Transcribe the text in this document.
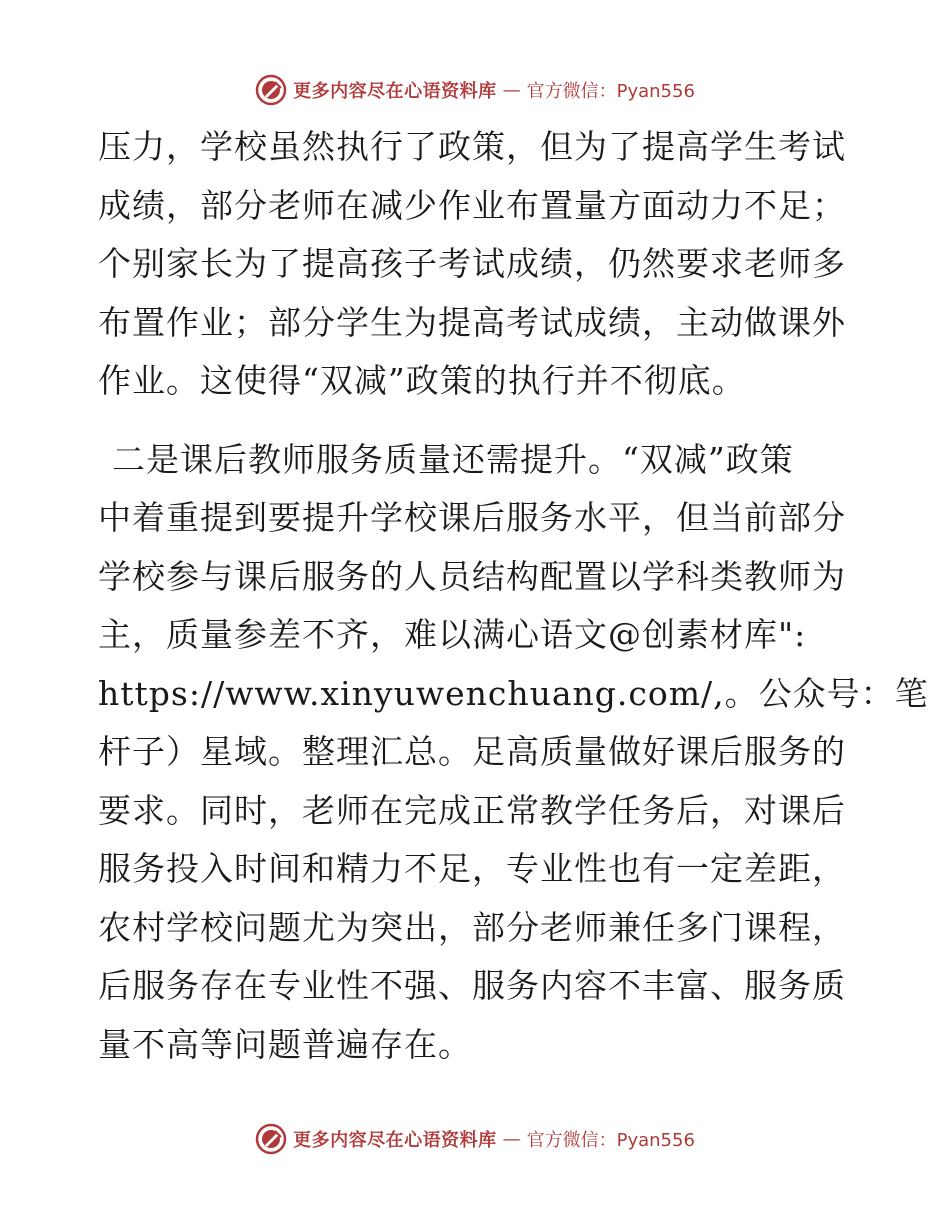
更多内容尽在心语资料库 — 官方微信：Pyan556

压力，学校虽然执行了政策，但为了提高学生考试
成绩，部分老师在减少作业布置量方面动力不足；
个别家长为了提高孩子考试成绩，仍然要求老师多
布置作业；部分学生为提高考试成绩，主动做课外
作业。这使得“双减”政策的执行并不彻底。

二是课后教师服务质量还需提升。“双减”政策
中着重提到要提升学校课后服务水平，但当前部分
学校参与课后服务的人员结构配置以学科类教师为
主，质量参差不齐，难以满心语文@创素材库":
https://www.xinyuwenchuang.com/,。公众号：笔
杆子）星域。整理汇总。足高质量做好课后服务的
要求。同时，老师在完成正常教学任务后，对课后
服务投入时间和精力不足，专业性也有一定差距，
农村学校问题尤为突出，部分老师兼任多门课程，
后服务存在专业性不强、服务内容不丰富、服务质
量不高等问题普遍存在。

更多内容尽在心语资料库 — 官方微信：Pyan556
